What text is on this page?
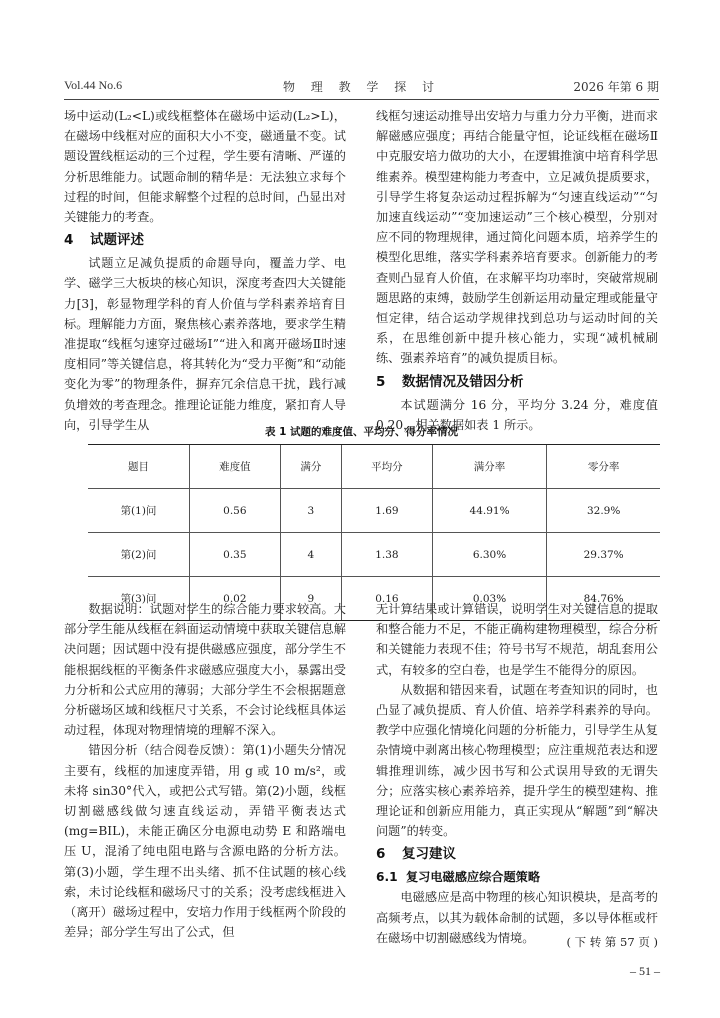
Vol.44 No.6	物 理 教 学 探 讨	2026 年第 6 期

场中运动(L₂<L)或线框整体在磁场中运动(L₂>L)，在磁场中线框对应的面积大小不变，磁通量不变。试题设置线框运动的三个过程，学生要有清晰、严谨的分析思维能力。试题命制的精华是：无法独立求每个过程的时间，但能求解整个过程的总时间，凸显出对关键能力的考查。

4 试题评述

试题立足减负提质的命题导向，覆盖力学、电学、磁学三大板块的核心知识，深度考查四大关键能力[3]，彰显物理学科的育人价值与学科素养培育目标。理解能力方面，聚焦核心素养落地，要求学生精准提取“线框匀速穿过磁场Ⅰ”“进入和离开磁场Ⅱ时速度相同”等关键信息，将其转化为“受力平衡”和“动能变化为零”的物理条件，摒弃冗余信息干扰，践行减负增效的考查理念。推理论证能力维度，紧扣育人导向，引导学生从

线框匀速运动推导出安培力与重力分力平衡，进而求解磁感应强度；再结合能量守恒，论证线框在磁场Ⅱ中克服安培力做功的大小，在逻辑推演中培育科学思维素养。模型建构能力考查中，立足减负提质要求，引导学生将复杂运动过程拆解为“匀速直线运动”“匀加速直线运动”“变加速运动”三个核心模型，分别对应不同的物理规律，通过简化问题本质，培养学生的模型化思维，落实学科素养培育要求。创新能力的考查则凸显育人价值，在求解平均功率时，突破常规刷题思路的束缚，鼓励学生创新运用动量定理或能量守恒定律，结合运动学规律找到总功与运动时间的关系，在思维创新中提升核心能力，实现“减机械刷练、强素养培育”的减负提质目标。

5 数据情况及错因分析

本试题满分 16 分，平均分 3.24 分，难度值 0.20，相关数据如表 1 所示。

表 1 试题的难度值、平均分、得分率情况
题目	难度值	满分	平均分	满分率	零分率
第(1)问	0.56	3	1.69	44.91%	32.9%
第(2)问	0.35	4	1.38	6.30%	29.37%
第(3)问	0.02	9	0.16	0.03%	84.76%

数据说明：试题对学生的综合能力要求较高。大部分学生能从线框在斜面运动情境中获取关键信息解决问题；因试题中没有提供磁感应强度，部分学生不能根据线框的平衡条件求磁感应强度大小，暴露出受力分析和公式应用的薄弱；大部分学生不会根据题意分析磁场区域和线框尺寸关系，不会讨论线框具体运动过程，体现对物理情境的理解不深入。

错因分析（结合阅卷反馈）：第(1)小题失分情况主要有，线框的加速度弄错，用 g 或 10 m/s²，或未将 sin30°代入，或把公式写错。第(2)小题，线框切割磁感线做匀速直线运动，弄错平衡表达式(mg=BIL)，未能正确区分电源电动势 E 和路端电压 U，混淆了纯电阻电路与含源电路的分析方法。第(3)小题，学生理不出头绪、抓不住试题的核心线索，未讨论线框和磁场尺寸的关系；没考虑线框进入（离开）磁场过程中，安培力作用于线框两个阶段的差异；部分学生写出了公式，但

无计算结果或计算错误，说明学生对关键信息的提取和整合能力不足，不能正确构建物理模型，综合分析和关键能力表现不佳；符号书写不规范，胡乱套用公式，有较多的空白卷，也是学生不能得分的原因。

从数据和错因来看，试题在考查知识的同时，也凸显了减负提质、育人价值、培养学科素养的导向。教学中应强化情境化问题的分析能力，引导学生从复杂情境中剥离出核心物理模型；应注重规范表达和逻辑推理训练，减少因书写和公式误用导致的无谓失分；应落实核心素养培养，提升学生的模型建构、推理论证和创新应用能力，真正实现从“解题”到“解决问题”的转变。

6 复习建议
6.1 复习电磁感应综合题策略

电磁感应是高中物理的核心知识模块，是高考的高频考点，以其为载体命制的试题，多以导体框或杆在磁场中切割磁感线为情境。	( 下 转 第 57 页 )
– 51 –
